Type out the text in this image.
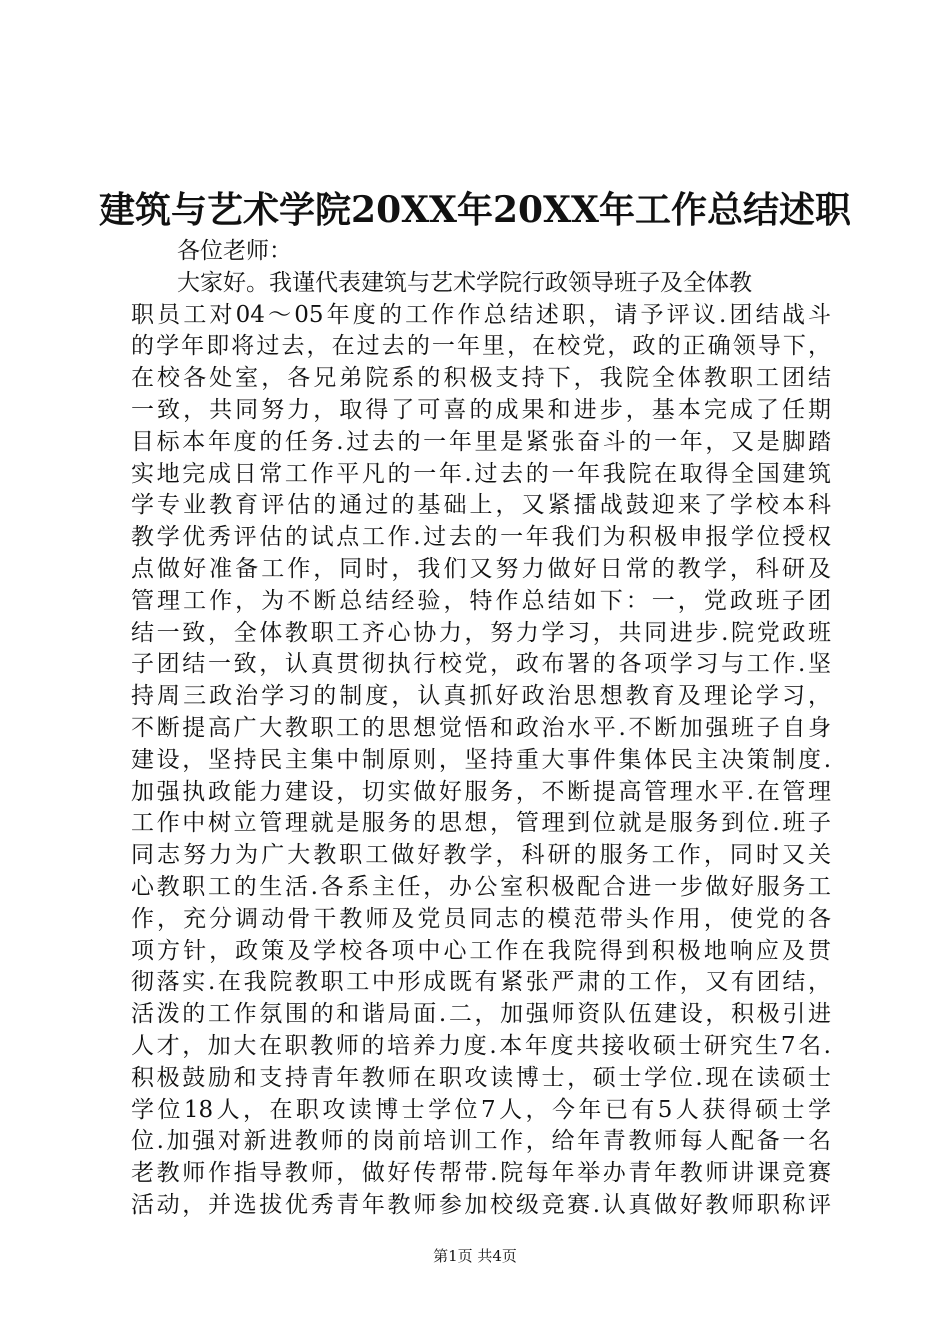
建筑与艺术学院20XX年20XX年工作总结述职
各位老师：
大家好。我谨代表建筑与艺术学院行政领导班子及全体教
职员工对04～05年度的工作作总结述职，请予评议.团结战斗
的学年即将过去，在过去的一年里，在校党，政的正确领导下，
在校各处室，各兄弟院系的积极支持下，我院全体教职工团结
一致，共同努力，取得了可喜的成果和进步，基本完成了任期
目标本年度的任务.过去的一年里是紧张奋斗的一年，又是脚踏
实地完成日常工作平凡的一年.过去的一年我院在取得全国建筑
学专业教育评估的通过的基础上，又紧擂战鼓迎来了学校本科
教学优秀评估的试点工作.过去的一年我们为积极申报学位授权
点做好准备工作，同时，我们又努力做好日常的教学，科研及
管理工作，为不断总结经验，特作总结如下：一，党政班子团
结一致，全体教职工齐心协力，努力学习，共同进步.院党政班
子团结一致，认真贯彻执行校党，政布署的各项学习与工作.坚
持周三政治学习的制度，认真抓好政治思想教育及理论学习，
不断提高广大教职工的思想觉悟和政治水平.不断加强班子自身
建设，坚持民主集中制原则，坚持重大事件集体民主决策制度.
加强执政能力建设，切实做好服务，不断提高管理水平.在管理
工作中树立管理就是服务的思想，管理到位就是服务到位.班子
同志努力为广大教职工做好教学，科研的服务工作，同时又关
心教职工的生活.各系主任，办公室积极配合进一步做好服务工
作，充分调动骨干教师及党员同志的模范带头作用，使党的各
项方针，政策及学校各项中心工作在我院得到积极地响应及贯
彻落实.在我院教职工中形成既有紧张严肃的工作，又有团结，
活泼的工作氛围的和谐局面.二，加强师资队伍建设，积极引进
人才，加大在职教师的培养力度.本年度共接收硕士研究生7名.
积极鼓励和支持青年教师在职攻读博士，硕士学位.现在读硕士
学位18人，在职攻读博士学位7人，今年已有5人获得硕士学
位.加强对新进教师的岗前培训工作，给年青教师每人配备一名
老教师作指导教师，做好传帮带.院每年举办青年教师讲课竞赛
活动，并选拔优秀青年教师参加校级竞赛.认真做好教师职称评
第1页 共4页
